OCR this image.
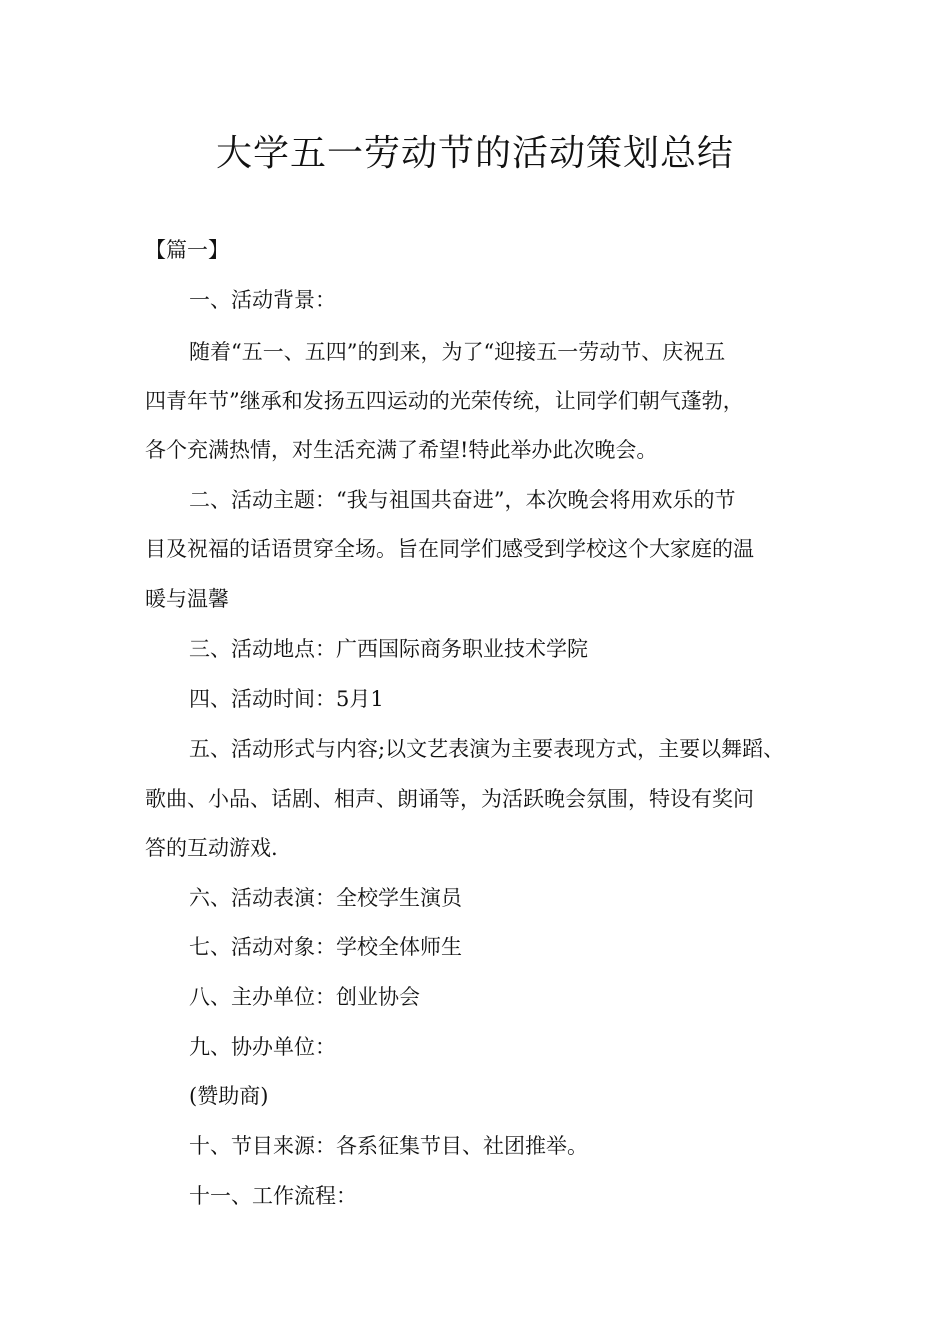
大学五一劳动节的活动策划总结
【篇一】
一、活动背景：
随着“五一、五四”的到来，为了“迎接五一劳动节、庆祝五
四青年节”继承和发扬五四运动的光荣传统，让同学们朝气蓬勃，
各个充满热情，对生活充满了希望!特此举办此次晚会。
二、活动主题：“我与祖国共奋进”，本次晚会将用欢乐的节
目及祝福的话语贯穿全场。旨在同学们感受到学校这个大家庭的温
暖与温馨
三、活动地点：广西国际商务职业技术学院
四、活动时间：5月1
五、活动形式与内容;以文艺表演为主要表现方式，主要以舞蹈、
歌曲、小品、话剧、相声、朗诵等，为活跃晚会氛围，特设有奖问
答的互动游戏.
六、活动表演：全校学生演员
七、活动对象：学校全体师生
八、主办单位：创业协会
九、协办单位：
(赞助商)
十、节目来源：各系征集节目、社团推举。
十一、工作流程：
